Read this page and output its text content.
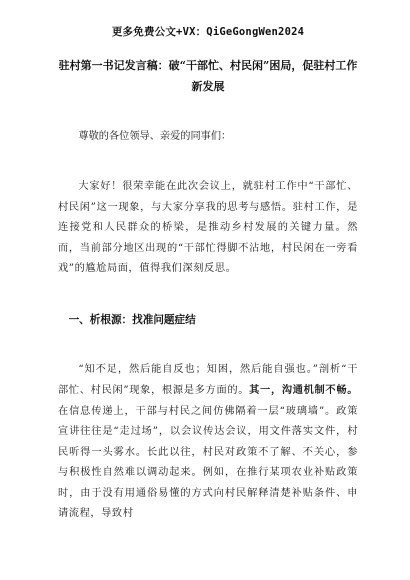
更多免费公文+VX：QiGeGongWen2024
驻村第一书记发言稿：破“干部忙、村民闲”困局，促驻村工作新发展
尊敬的各位领导、亲爱的同事们：
大家好！很荣幸能在此次会议上，就驻村工作中“干部忙、村民闲”这一现象，与大家分享我的思考与感悟。驻村工作，是连接党和人民群众的桥梁，是推动乡村发展的关键力量。然而，当前部分地区出现的“干部忙得脚不沾地，村民闲在一旁看戏”的尴尬局面，值得我们深刻反思。
一、析根源：找准问题症结

“知不足，然后能自反也；知困，然后能自强也。”剖析“干部忙、村民闲”现象，根源是多方面的。其一，沟通机制不畅。在信息传递上，干部与村民之间仿佛隔着一层“玻璃墙”。政策宣讲往往是“走过场”，以会议传达会议，用文件落实文件，村民听得一头雾水。长此以往，村民对政策不了解、不关心，参与积极性自然难以调动起来。例如，在推行某项农业补贴政策时，由于没有用通俗易懂的方式向村民解释清楚补贴条件、申请流程，导致村
